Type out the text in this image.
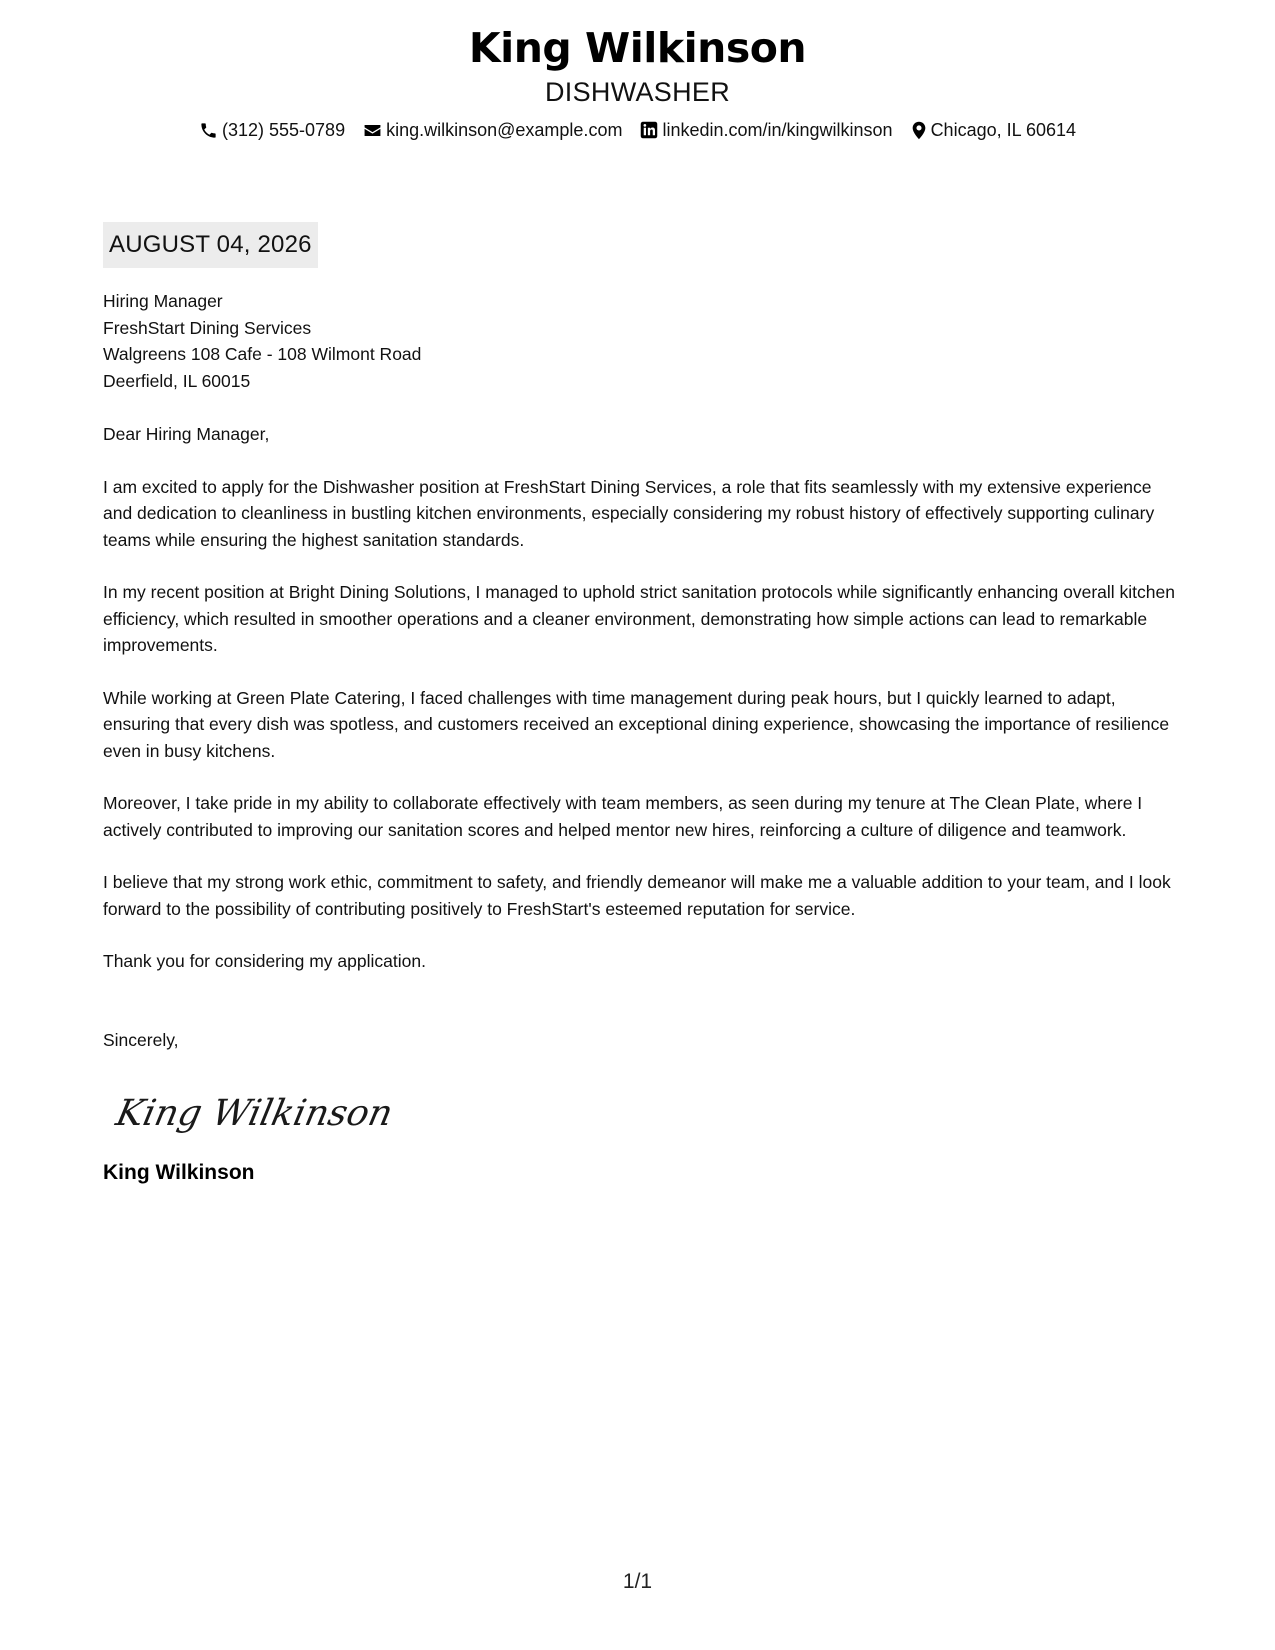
King Wilkinson
DISHWASHER
(312) 555-0789 king.wilkinson@example.com linkedin.com/in/kingwilkinson Chicago, IL 60614
AUGUST 04, 2026
Hiring Manager
FreshStart Dining Services
Walgreens 108 Cafe - 108 Wilmont Road
Deerfield, IL 60015
Dear Hiring Manager,
I am excited to apply for the Dishwasher position at FreshStart Dining Services, a role that fits seamlessly with my extensive experience and dedication to cleanliness in bustling kitchen environments, especially considering my robust history of effectively supporting culinary teams while ensuring the highest sanitation standards.
In my recent position at Bright Dining Solutions, I managed to uphold strict sanitation protocols while significantly enhancing overall kitchen efficiency, which resulted in smoother operations and a cleaner environment, demonstrating how simple actions can lead to remarkable improvements.
While working at Green Plate Catering, I faced challenges with time management during peak hours, but I quickly learned to adapt, ensuring that every dish was spotless, and customers received an exceptional dining experience, showcasing the importance of resilience even in busy kitchens.
Moreover, I take pride in my ability to collaborate effectively with team members, as seen during my tenure at The Clean Plate, where I actively contributed to improving our sanitation scores and helped mentor new hires, reinforcing a culture of diligence and teamwork.
I believe that my strong work ethic, commitment to safety, and friendly demeanor will make me a valuable addition to your team, and I look forward to the possibility of contributing positively to FreshStart's esteemed reputation for service.
Thank you for considering my application.
Sincerely,
King Wilkinson
King Wilkinson
1/1
